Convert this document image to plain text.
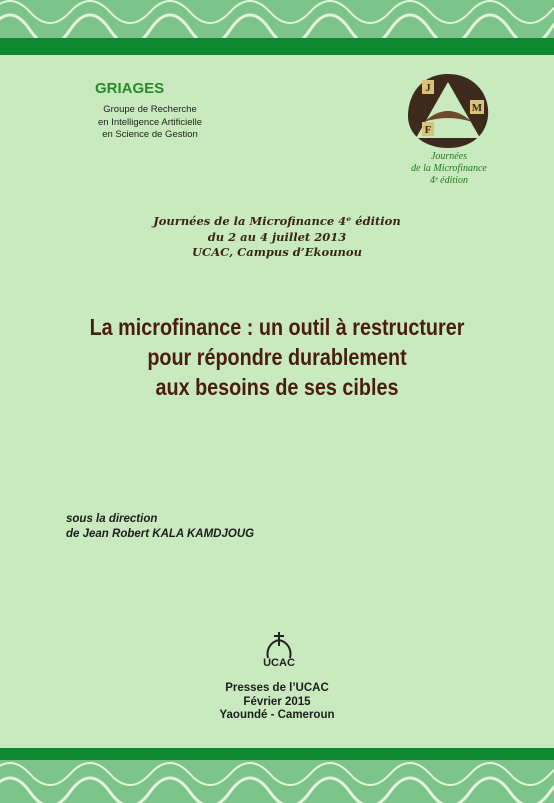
GRIAGES
Groupe de Recherche
en Intelligence Artificielle
en Science de Gestion
J
M
F
Journées
de la Microfinance
4ᵉ édition
Journées de la Microfinance 4ᵉ édition
du 2 au 4 juillet 2013
UCAC, Campus d’Ekounou
La microfinance : un outil à restructurer
pour répondre durablement
aux besoins de ses cibles
sous la direction
de Jean Robert KALA KAMDJOUG
UCAC
Presses de l’UCAC
Février 2015
Yaoundé - Cameroun
